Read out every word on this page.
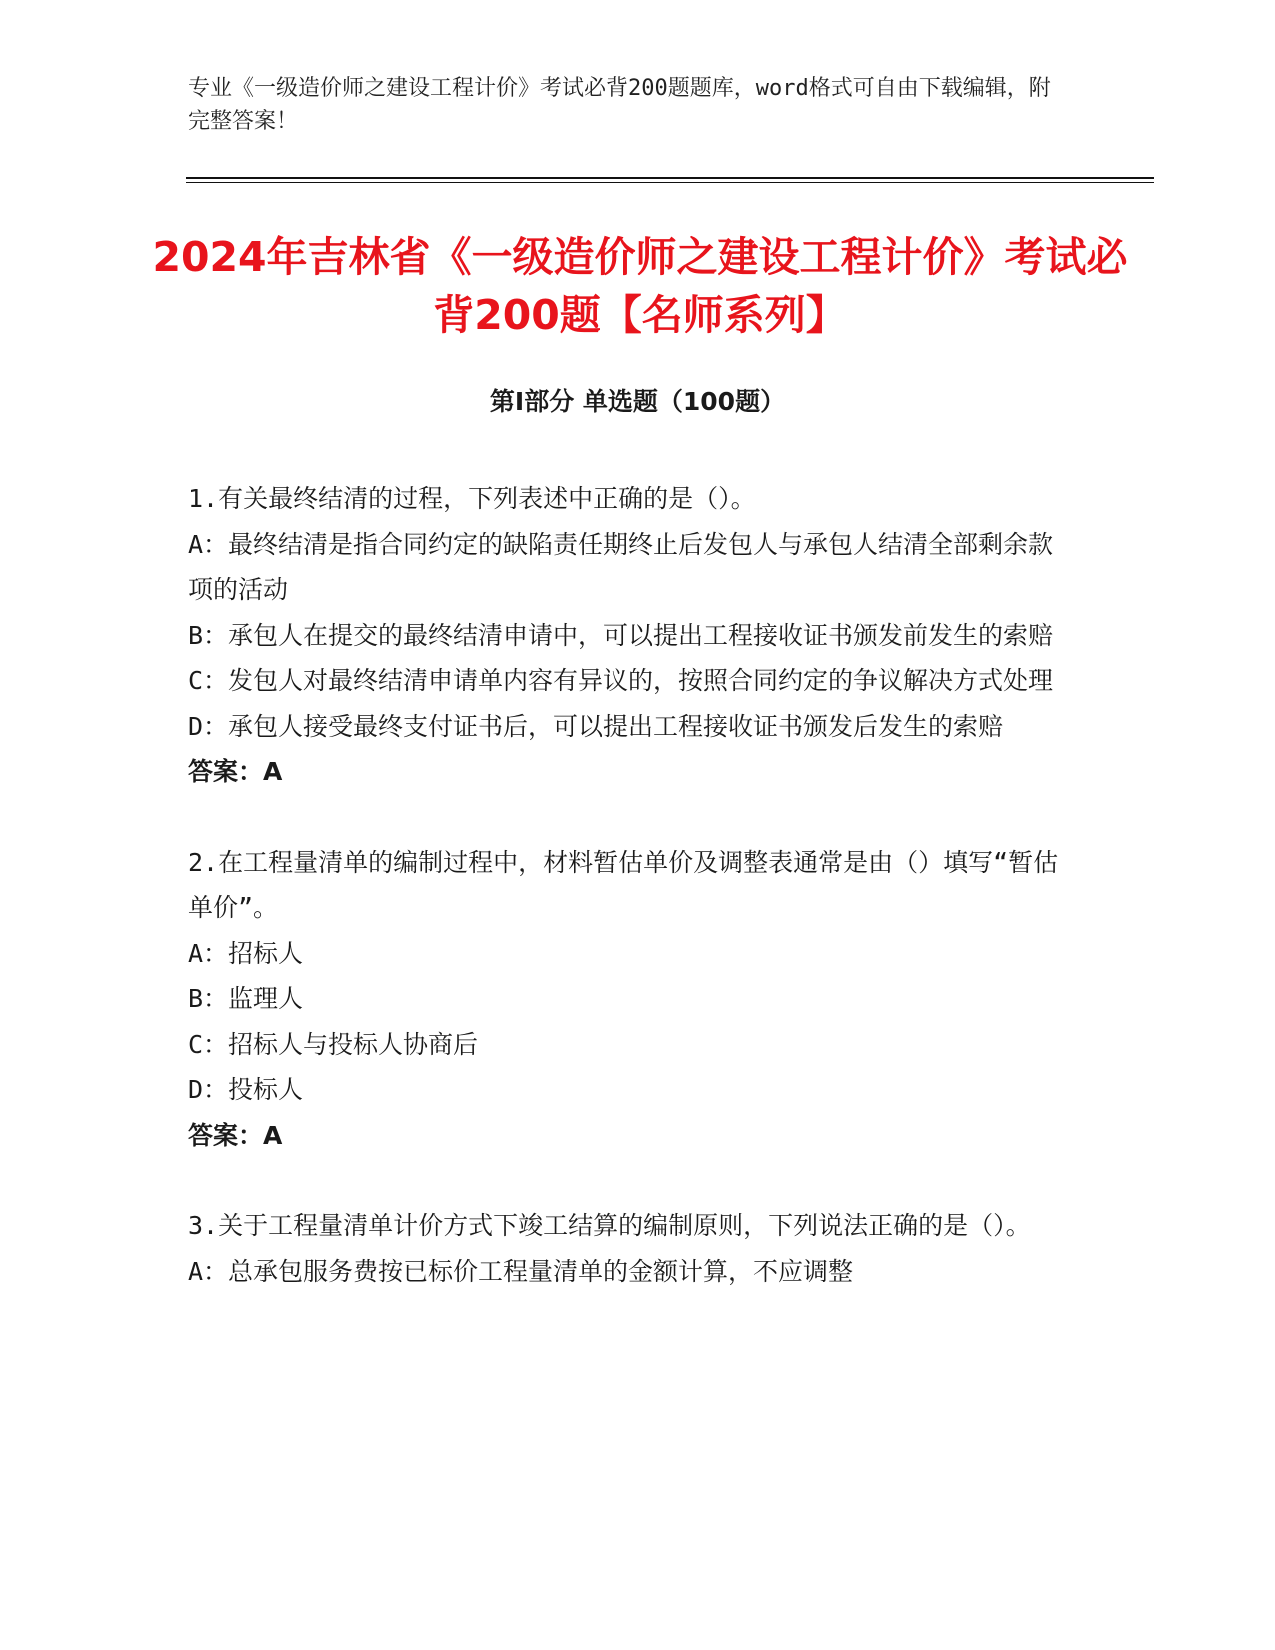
专业《一级造价师之建设工程计价》考试必背200题题库，word格式可自由下载编辑，附完整答案！
2024年吉林省《一级造价师之建设工程计价》考试必背200题【名师系列】
第I部分 单选题（100题）

1.有关最终结清的过程，下列表述中正确的是（）。

A：最终结清是指合同约定的缺陷责任期终止后发包人与承包人结清全部剩余款项的活动

B：承包人在提交的最终结清申请中，可以提出工程接收证书颁发前发生的索赔

C：发包人对最终结清申请单内容有异议的，按照合同约定的争议解决方式处理

D：承包人接受最终支付证书后，可以提出工程接收证书颁发后发生的索赔

答案：A

2.在工程量清单的编制过程中，材料暂估单价及调整表通常是由（）填写“暂估单价”。

A：招标人

B：监理人

C：招标人与投标人协商后

D：投标人

答案：A

3.关于工程量清单计价方式下竣工结算的编制原则，下列说法正确的是（）。

A：总承包服务费按已标价工程量清单的金额计算，不应调整
